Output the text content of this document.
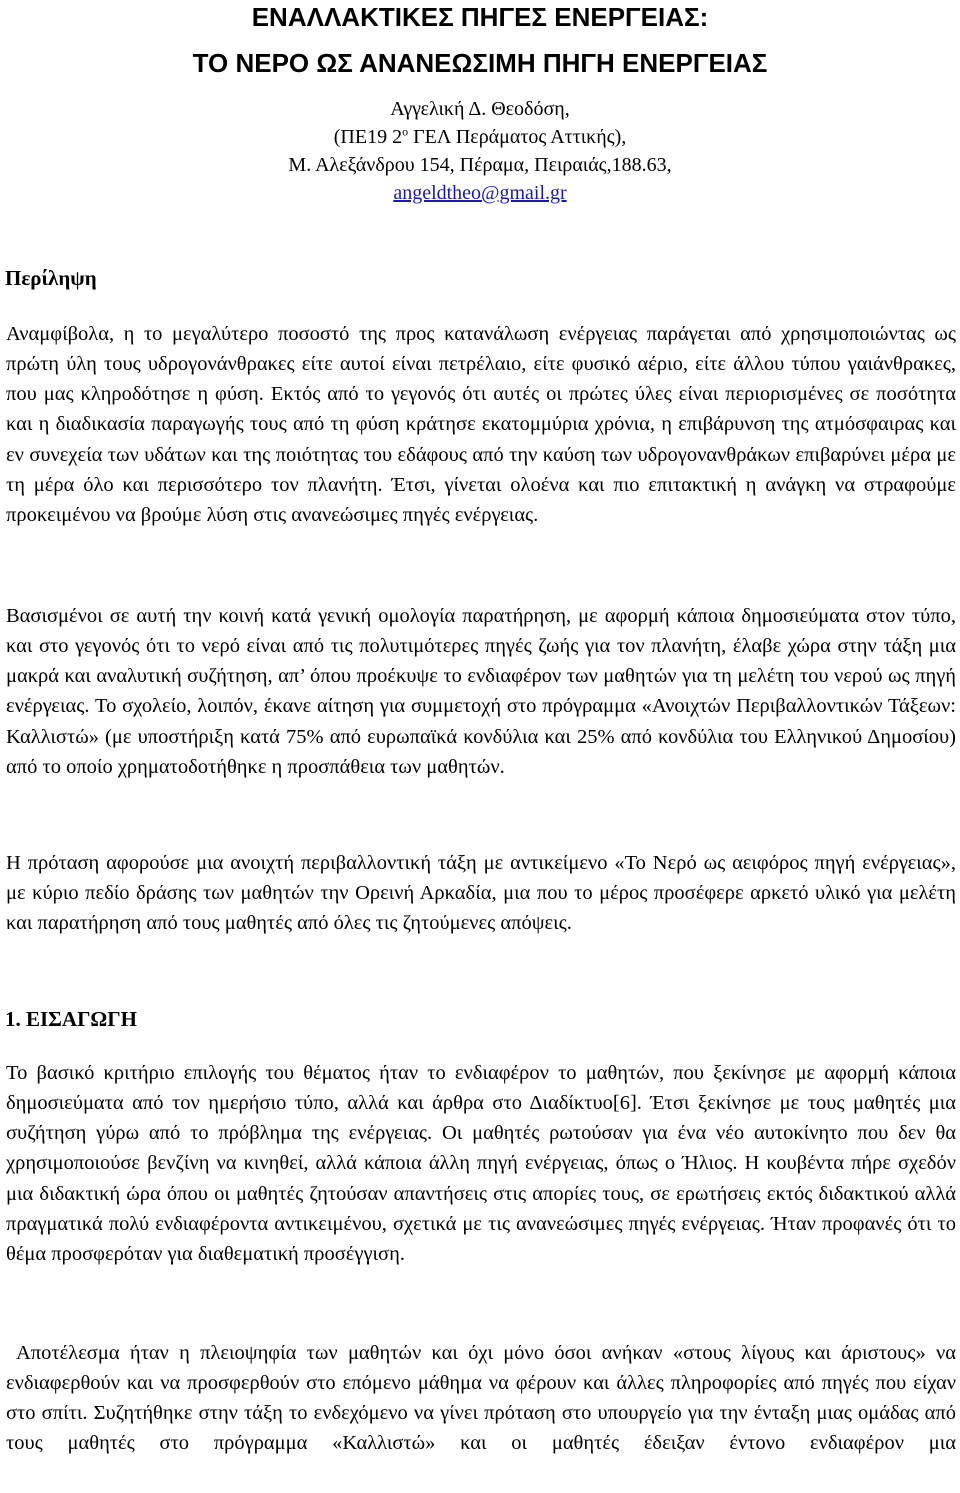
ΕΝΑΛΛΑΚΤΙΚΕΣ ΠΗΓΕΣ ΕΝΕΡΓΕΙΑΣ:
ΤΟ ΝΕΡΟ ΩΣ ΑΝΑΝΕΩΣΙΜΗ ΠΗΓΗ ΕΝΕΡΓΕΙΑΣ
Αγγελική Δ. Θεοδόση,
(ΠΕ19 $2^o$ ΓΕΛ Περάματος Αττικής),
Μ. Αλεξάνδρου 154, Πέραμα, Πειραιάς,188.63,
angeldtheo@gmail.gr
Περίληψη

Αναμφίβολα, η το μεγαλύτερο ποσοστό της προς κατανάλωση ενέργειας παράγεται από χρησιμοποιώντας ως πρώτη ύλη τους υδρογονάνθρακες είτε αυτοί είναι πετρέλαιο, είτε φυσικό αέριο, είτε άλλου τύπου γαιάνθρακες, που μας κληροδότησε η φύση. Εκτός από το γεγονός ότι αυτές οι πρώτες ύλες είναι περιορισμένες σε ποσότητα και η διαδικασία παραγωγής τους από τη φύση κράτησε εκατομμύρια χρόνια, η επιβάρυνση της ατμόσφαιρας και εν συνεχεία των υδάτων και της ποιότητας του εδάφους από την καύση των υδρογονανθράκων επιβαρύνει μέρα με τη μέρα όλο και περισσότερο τον πλανήτη. Έτσι, γίνεται ολοένα και πιο επιτακτική η ανάγκη να στραφούμε προκειμένου να βρούμε λύση στις ανανεώσιμες πηγές ενέργειας.

Βασισμένοι σε αυτή την κοινή κατά γενική ομολογία παρατήρηση, με αφορμή κάποια δημοσιεύματα στον τύπο, και στο γεγονός ότι το νερό είναι από τις πολυτιμότερες πηγές ζωής για τον πλανήτη, έλαβε χώρα στην τάξη μια μακρά και αναλυτική συζήτηση, απ’ όπου προέκυψε το ενδιαφέρον των μαθητών για τη μελέτη του νερού ως πηγή ενέργειας. Το σχολείο, λοιπόν, έκανε αίτηση για συμμετοχή στο πρόγραμμα «Ανοιχτών Περιβαλλοντικών Τάξεων: Καλλιστώ» (με υποστήριξη κατά 75% από ευρωπαϊκά κονδύλια και 25% από κονδύλια του Ελληνικού Δημοσίου) από το οποίο χρηματοδοτήθηκε η προσπάθεια των μαθητών.

Η πρόταση αφορούσε μια ανοιχτή περιβαλλοντική τάξη με αντικείμενο «Το Νερό ως αειφόρος πηγή ενέργειας», με κύριο πεδίο δράσης των μαθητών την Ορεινή Αρκαδία, μια που το μέρος προσέφερε αρκετό υλικό για μελέτη και παρατήρηση από τους μαθητές από όλες τις ζητούμενες απόψεις.

1. ΕΙΣΑΓΩΓΗ

Το βασικό κριτήριο επιλογής του θέματος ήταν το ενδιαφέρον το μαθητών, που ξεκίνησε με αφορμή κάποια δημοσιεύματα από τον ημερήσιο τύπο, αλλά και άρθρα στο Διαδίκτυο[6]. Έτσι ξεκίνησε με τους μαθητές μια συζήτηση γύρω από το πρόβλημα της ενέργειας. Οι μαθητές ρωτούσαν για ένα νέο αυτοκίνητο που δεν θα χρησιμοποιούσε βενζίνη να κινηθεί, αλλά κάποια άλλη πηγή ενέργειας, όπως ο Ήλιος. Η κουβέντα πήρε σχεδόν μια διδακτική ώρα όπου οι μαθητές ζητούσαν απαντήσεις στις απορίες τους, σε ερωτήσεις εκτός διδακτικού αλλά πραγματικά πολύ ενδιαφέροντα αντικειμένου, σχετικά με τις ανανεώσιμες πηγές ενέργειας. Ήταν προφανές ότι το θέμα προσφερόταν για διαθεματική προσέγγιση.

Αποτέλεσμα ήταν η πλειοψηφία των μαθητών και όχι μόνο όσοι ανήκαν «στους λίγους και άριστους» να ενδιαφερθούν και να προσφερθούν στο επόμενο μάθημα να φέρουν και άλλες πληροφορίες από πηγές που είχαν στο σπίτι. Συζητήθηκε στην τάξη το ενδεχόμενο να γίνει πρόταση στο υπουργείο για την ένταξη μιας ομάδας από τους μαθητές στο πρόγραμμα «Καλλιστώ» και οι μαθητές έδειξαν έντονο ενδιαφέρον μια
